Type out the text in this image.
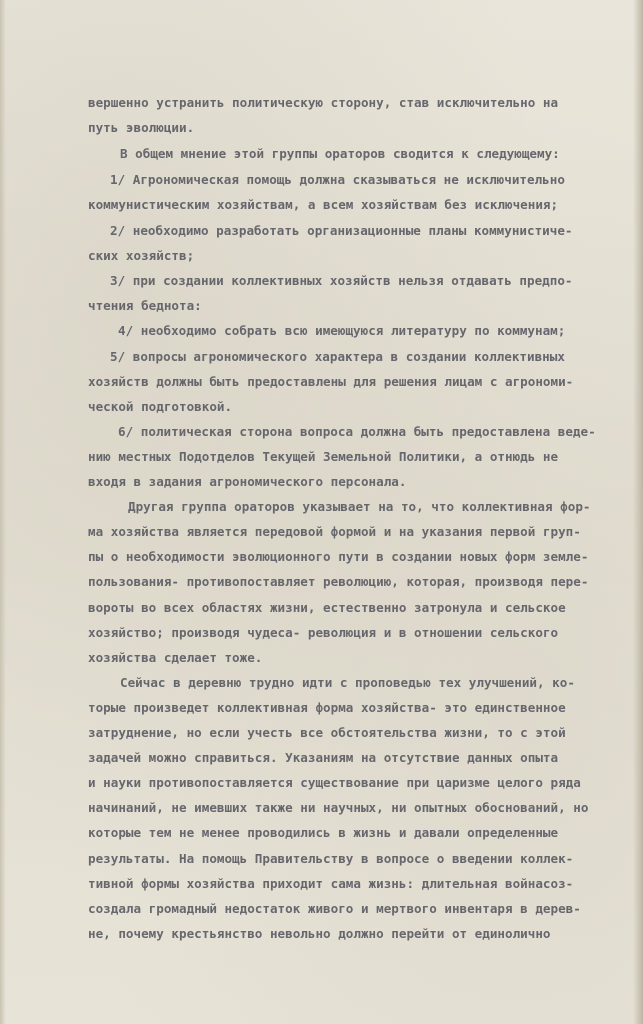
вершенно устранить политическую сторону, став исключительно на
путь эволюции.
В общем мнение этой группы ораторов сводится к следующему:
1/ Агрономическая помощь должна сказываться не исключительно
коммунистическим хозяйствам, а всем хозяйствам без исключения;
2/ необходимо разработать организационные планы коммунистиче-
ских хозяйств;
3/ при создании коллективных хозяйств нельзя отдавать предпо-
чтения беднота:
4/ необходимо собрать всю имеющуюся литературу по коммунам;
5/ вопросы агрономического характера в создании коллективных
хозяйств должны быть предоставлены для решения лицам с агрономи-
ческой подготовкой.
6/ политическая сторона вопроса должна быть предоставлена веде-
нию местных Подотделов Текущей Земельной Политики, а отнюдь не
входя в задания агрономического персонала.
Другая группа ораторов указывает на то, что коллективная фор-
ма хозяйства является передовой формой и на указания первой груп-
пы о необходимости эволюционного пути в создании новых форм земле-
пользования- противопоставляет революцию, которая, производя пере-
вороты во всех областях жизни, естественно затронула и сельское
хозяйство; производя чудеса- революция и в отношении сельского
хозяйства сделает тоже.
Сейчас в деревню трудно идти с проповедью тех улучшений, ко-
торые произведет коллективная форма хозяйства- это единственное
затруднение, но если учесть все обстоятельства жизни, то с этой
задачей можно справиться. Указаниям на отсутствие данных опыта
и науки противопоставляется существование при царизме целого ряда
начинаний, не имевших также ни научных, ни опытных обоснований, но
которые тем не менее проводились в жизнь и давали определенные
результаты. На помощь Правительству в вопросе о введении коллек-
тивной формы хозяйства приходит сама жизнь: длительная войнасоз-
создала громадный недостаток живого и мертвого инвентаря в дерев-
не, почему крестьянство невольно должно перейти от единолично
